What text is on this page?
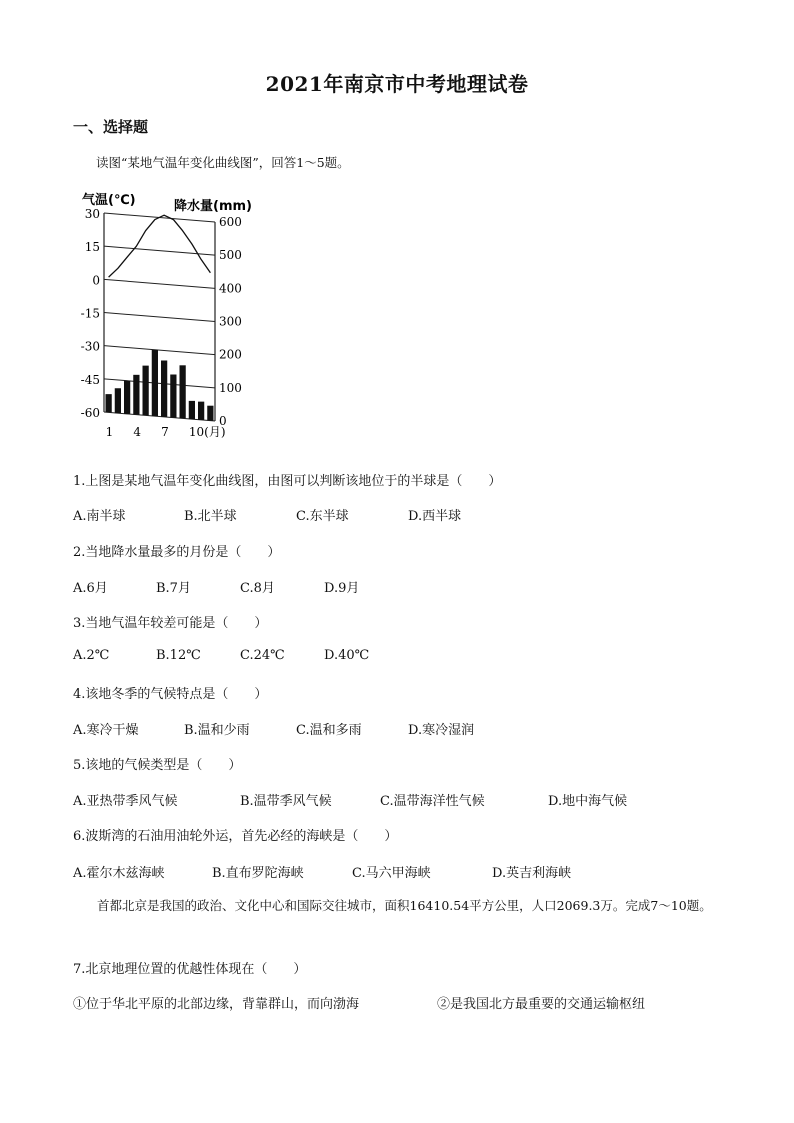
2021年南京市中考地理试卷
一、选择题
读图“某地气温年变化曲线图”，回答1～5题。
气温(℃)	降水量(mm)
30
600
15
500
0
400
-15
300
-30
200
-45
100
-60
0
1 4 7 10(月)
1.上图是某地气温年变化曲线图，由图可以判断该地位于的半球是（　　）
A.南半球	B.北半球	C.东半球	D.西半球
2.当地降水量最多的月份是（　　）
A.6月	B.7月	C.8月	D.9月
3.当地气温年较差可能是（　　）
A.2℃	B.12℃	C.24℃	D.40℃
4.该地冬季的气候特点是（　　）
A.寒冷干燥	B.温和少雨	C.温和多雨	D.寒冷湿润
5.该地的气候类型是（　　）
A.亚热带季风气候	B.温带季风气候	C.温带海洋性气候	D.地中海气候
6.波斯湾的石油用油轮外运，首先必经的海峡是（　　）
A.霍尔木兹海峡	B.直布罗陀海峡	C.马六甲海峡	D.英吉利海峡
首都北京是我国的政治、文化中心和国际交往城市，面积16410.54平方公里，人口2069.3万。完成7～10题。
7.北京地理位置的优越性体现在（　　）
①位于华北平原的北部边缘，背靠群山，而向渤海	②是我国北方最重要的交通运输枢纽
